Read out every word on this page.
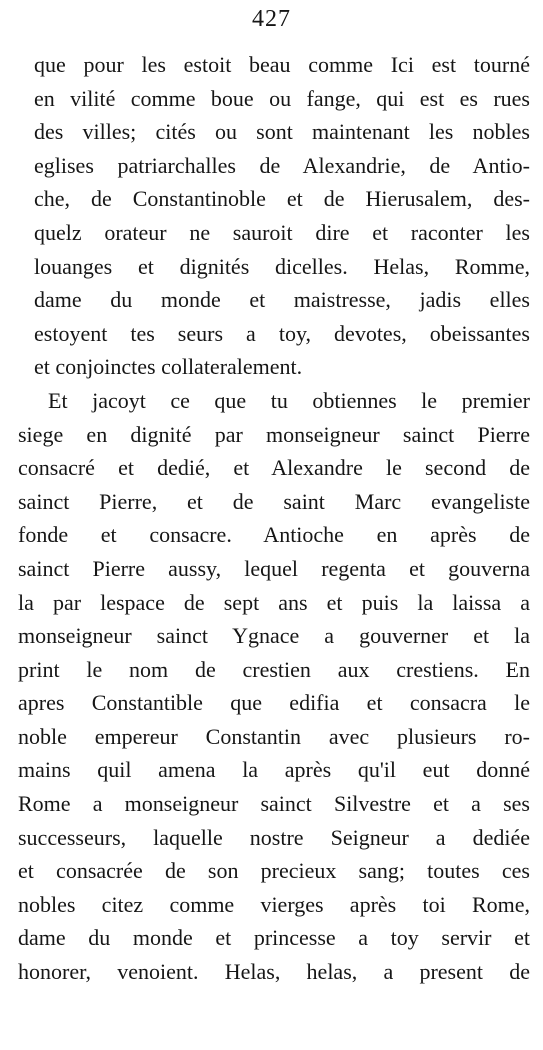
427
que pour les estoit beau comme Ici est tourné
en vilité comme boue ou fange, qui est es rues
des villes; cités ou sont maintenant les nobles
eglises patriarchalles de Alexandrie, de Antio-
che, de Constantinoble et de Hierusalem, des-
quelz orateur ne sauroit dire et raconter les
louanges et dignités dicelles. Helas, Romme,
dame du monde et maistresse, jadis elles
estoyent tes seurs a toy, devotes, obeissantes
et conjoinctes collateralement.
Et jacoyt ce que tu obtiennes le premier
siege en dignité par monseigneur sainct Pierre
consacré et dedié, et Alexandre le second de
sainct Pierre, et de saint Marc evangeliste
fonde et consacre. Antioche en après de
sainct Pierre aussy, lequel regenta et gouverna
la par lespace de sept ans et puis la laissa a
monseigneur sainct Ygnace a gouverner et la
print le nom de crestien aux crestiens. En
apres Constantible que edifia et consacra le
noble empereur Constantin avec plusieurs ro-
mains quil amena la après qu'il eut donné
Rome a monseigneur sainct Silvestre et a ses
successeurs, laquelle nostre Seigneur a dediée
et consacrée de son precieux sang; toutes ces
nobles citez comme vierges après toi Rome,
dame du monde et princesse a toy servir et
honorer, venoient. Helas, helas, a present de
